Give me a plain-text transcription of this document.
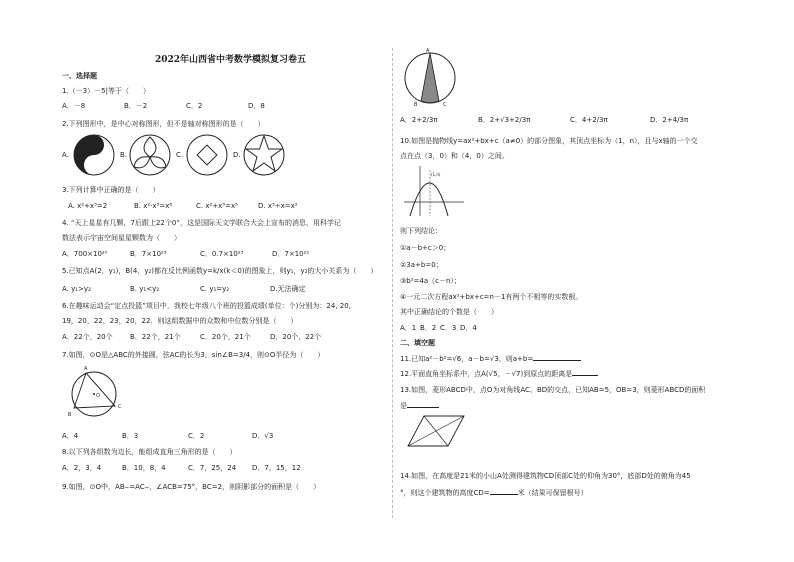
2022年山西省中考数学模拟复习卷五
一、选择题
1.（－3）－5|等于（　　）
A．－8	B．－2	C．2	D．8
2.下列图形中，是中心对称图形，但不是轴对称图形的是（　　）
A.	B.	C.	D.
3.下列计算中正确的是（　　）
A. x²+x³=2	B. x²·x³=x⁶	C. x²+x³=x⁵	D. x³÷x=x²
4. “天上星星有几颗，7后跟上22个0”，这是国际天文学联合大会上宣布的消息，用科学记
数法表示宇宙空间星星颗数为（　　）
A．700×10²⁰	B．7×10²³	C．0.7×10²³	D．7×10²²
5.已知点A(2，y₁)，B(4，y₂)都在反比例函数y=k/x(k＜0)的图象上，则y₁，y₂的大小关系为（　　）
A. y₁>y₂	B. y₁<y₂	C. y₁=y₂	D.无法确定
6.在趣味运动会“定点投篮”项目中，我校七年级八个班的投篮成绩(单位：个)分别为：24, 20,
19，20，22，23，20，22．则这组数据中的众数和中位数分别是（　　）
A．22个，20个 B．22个，21个	C．20个，21个	D．20个，22个
7.如图，⊙O是△ABC的外接圆，弦AC的长为3，sin∠B=3/4，则⊙O半径为（　　）
A
B
C
O
A．4	B．3	C．2	D．√3
8.以下列各组数为边长，能组成直角三角形的是（　　）
A．2，3，4	B．10，8，4	C．7，25，24 D．7，15，12
9.如图，⊙O中，AB⌢=AC⌢，∠ACB=75°，BC=2，则阴影部分的面积是（　　）
A
B	C
A．2+2/3π	B．2+√3+2/3π	C．4+2/3π	D．2+4/3π
10.如图是抛物线y=ax²+bx+c（a≠0）的部分图象，其顶点坐标为（1，n），且与x轴的一个交
点在点（3，0）和（4，0）之间。
(1,n)
则下列结论：
①a－b+c＞0；
②3a+b=0；
③b²=4a（c－n）；
④一元二次方程ax²+bx+c=n－1有两个不相等的实数根。
其中正确结论的个数是（　　）
A．1 B．2 C．3 D．4
二、填空题
11.已知a²－b²=√6，a－b=√3，则a+b=
12.平面直角坐标系中，点A(√5，－√7)到原点的距离是
13.如图，菱形ABCD中，点O为对角线AC、BD的交点，已知AB=5，OB=3，则菱形ABCD的面积
是
14.如图，在高度是21米的小山A处测得建筑物CD顶部C处的仰角为30°，底部D处的俯角为45
°，则这个建筑物的高度CD=	米（结果可保留根号）
